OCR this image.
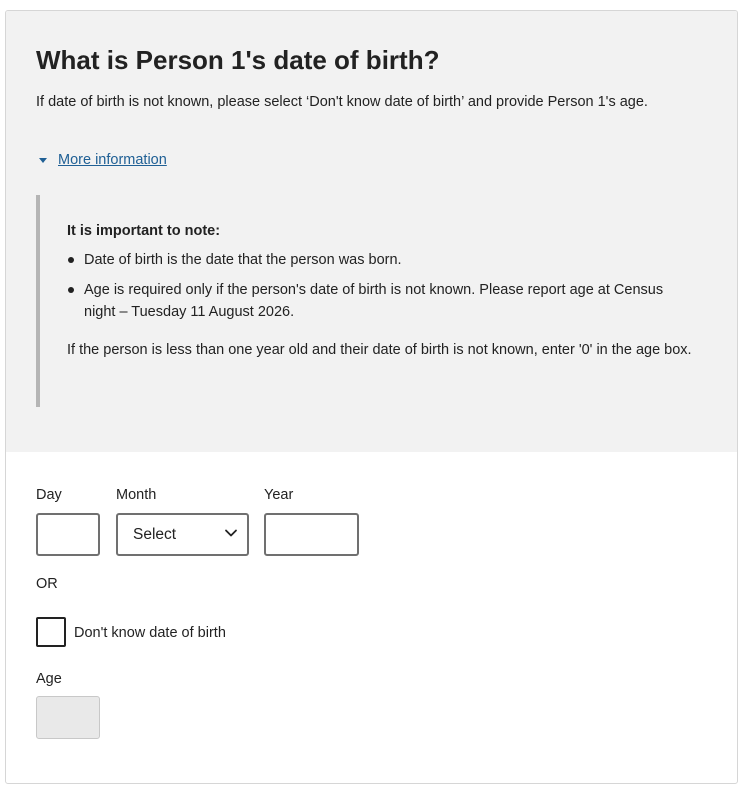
What is Person 1's date of birth?

If date of birth is not known, please select ‘Don't know date of birth’ and provide Person 1's age.

More information

It is important to note:

Date of birth is the date that the person was born.
Age is required only if the person's date of birth is not known. Please report age at Census night – Tuesday 11 August 2026.

If the person is less than one year old and their date of birth is not known, enter '0' in the age box.

Day	Month
Select
Year
OR
Don't know date of birth
Age
